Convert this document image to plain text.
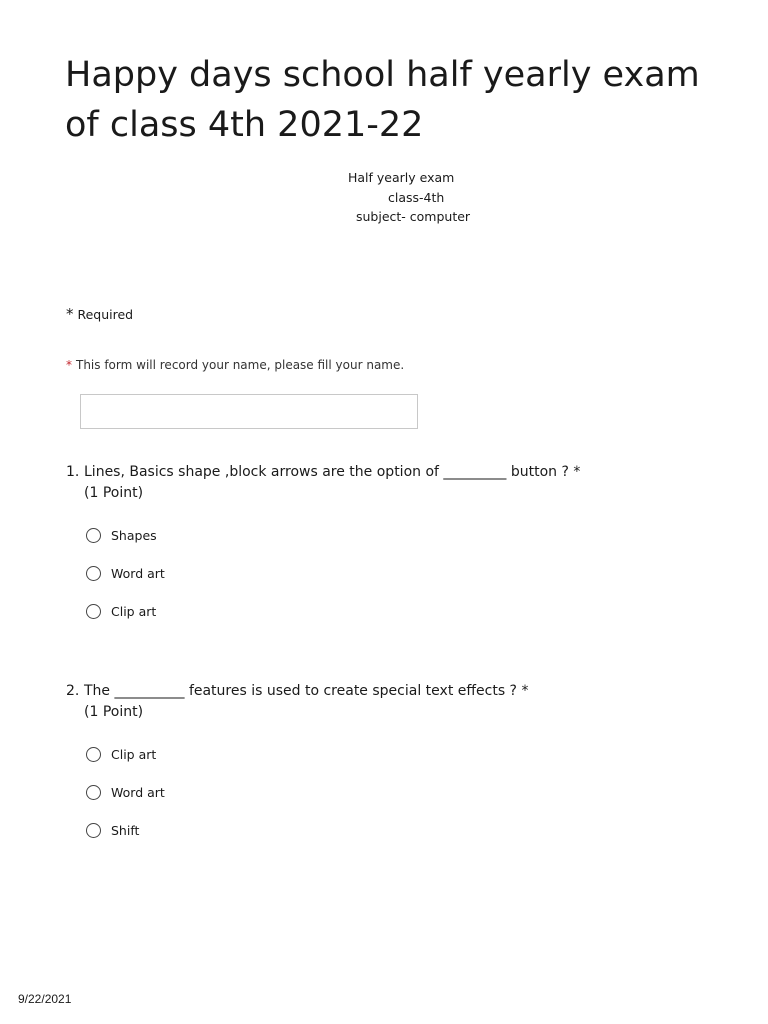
Happy days school half yearly exam of class 4th 2021-22
Half yearly exam
class-4th
subject- computer
* Required
* This form will record your name, please fill your name.
1. Lines, Basics shape ,block arrows are the option of _________ button ? *
(1 Point)
Shapes
Word art
Clip art
2. The __________ features is used to create special text effects ? *
(1 Point)
Clip art
Word art
Shift
9/22/2021
